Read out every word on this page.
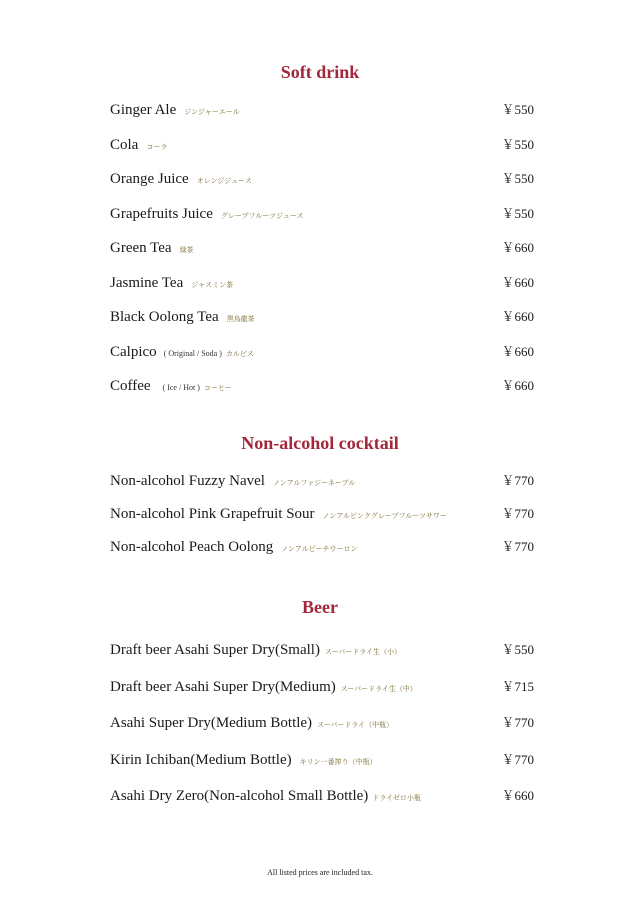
Soft drink
Ginger Ale ジンジャーエール	￥550
Cola コーラ	￥550
Orange Juice オレンジジュース	￥550
Grapefruits Juice グレープフルーツジュース	￥550
Green Tea 緑茶	￥660
Jasmine Tea ジャスミン茶	￥660
Black Oolong Tea 黒烏龍茶	￥660
Calpico ( Original / Soda ) カルピス	￥660
Coffee ( Ice / Hot ) コーヒー	￥660
Non-alcohol cocktail
Non-alcohol Fuzzy Navel ノンアルファジーネーブル	￥770
Non-alcohol Pink Grapefruit Sour ノンアルピンクグレープフルーツサワー	￥770
Non-alcohol Peach Oolong ノンアルピーチウーロン	￥770
Beer
Draft beer Asahi Super Dry(Small) スーパードライ生（小）	￥550
Draft beer Asahi Super Dry(Medium) スーパードライ生（中）	￥715
Asahi Super Dry(Medium Bottle) スーパードライ（中瓶）	￥770
Kirin Ichiban(Medium Bottle) キリン一番搾り（中瓶）	￥770
Asahi Dry Zero(Non-alcohol Small Bottle) ドライゼロ小瓶	￥660
All listed prices are included tax.
